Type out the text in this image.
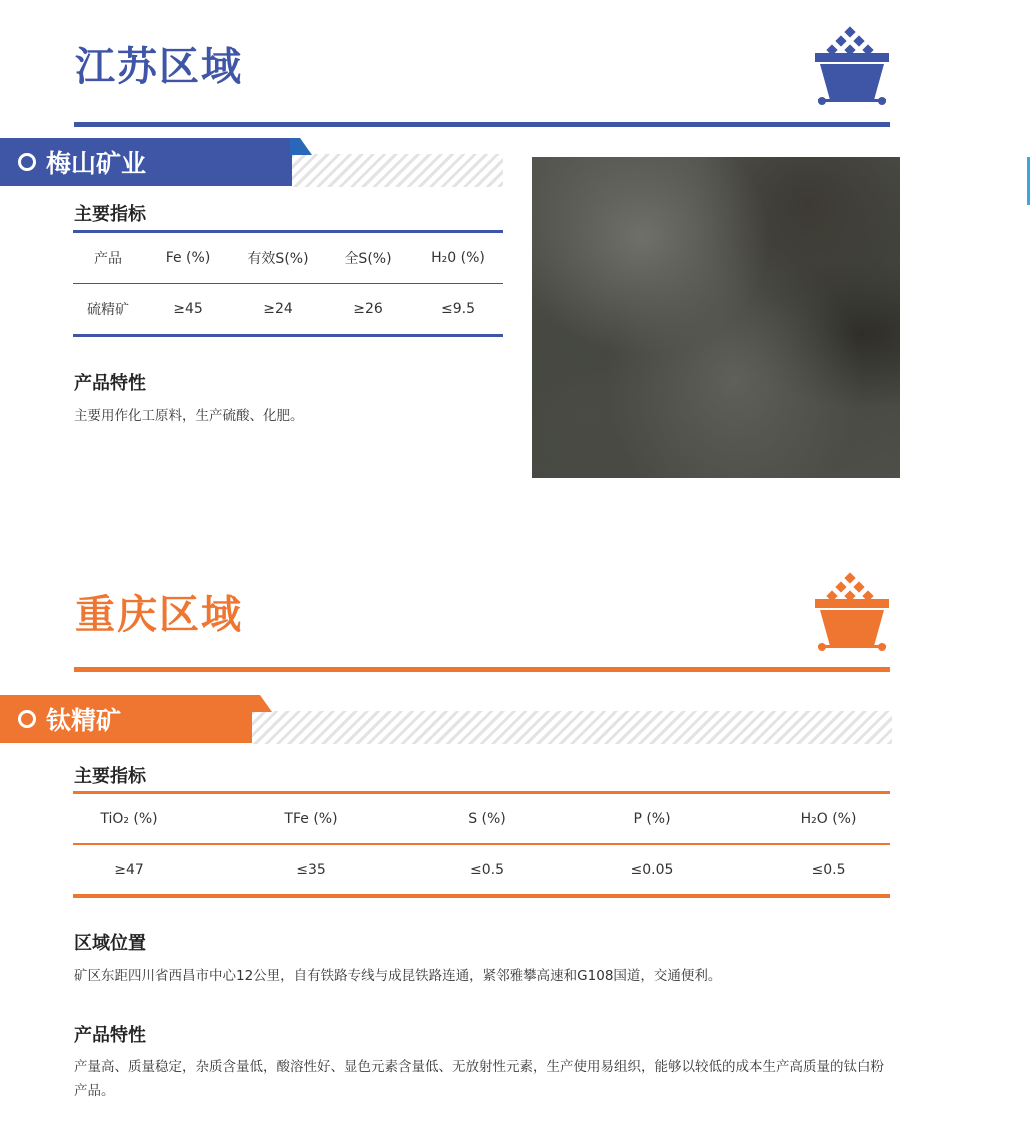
江苏区域
梅山矿业
主要指标
产品	Fe (%)	有效S(%)	全S(%)	H₂0 (%)
硫精矿	≥45	≥24	≥26	≤9.5
产品特性
主要用作化工原料，生产硫酸、化肥。
重庆区域
钛精矿
主要指标
TiO₂ (%)	TFe (%)	S (%)	P (%)	H₂O (%)
≥47	≤35	≤0.5	≤0.05	≤0.5
区域位置
矿区东距四川省西昌市中心12公里，自有铁路专线与成昆铁路连通，紧邻雅攀高速和G108国道，交通便利。
产品特性
产量高、质量稳定，杂质含量低，酸溶性好、显色元素含量低、无放射性元素，生产使用易组织，能够以较低的成本生产高质量的钛白粉产品。
